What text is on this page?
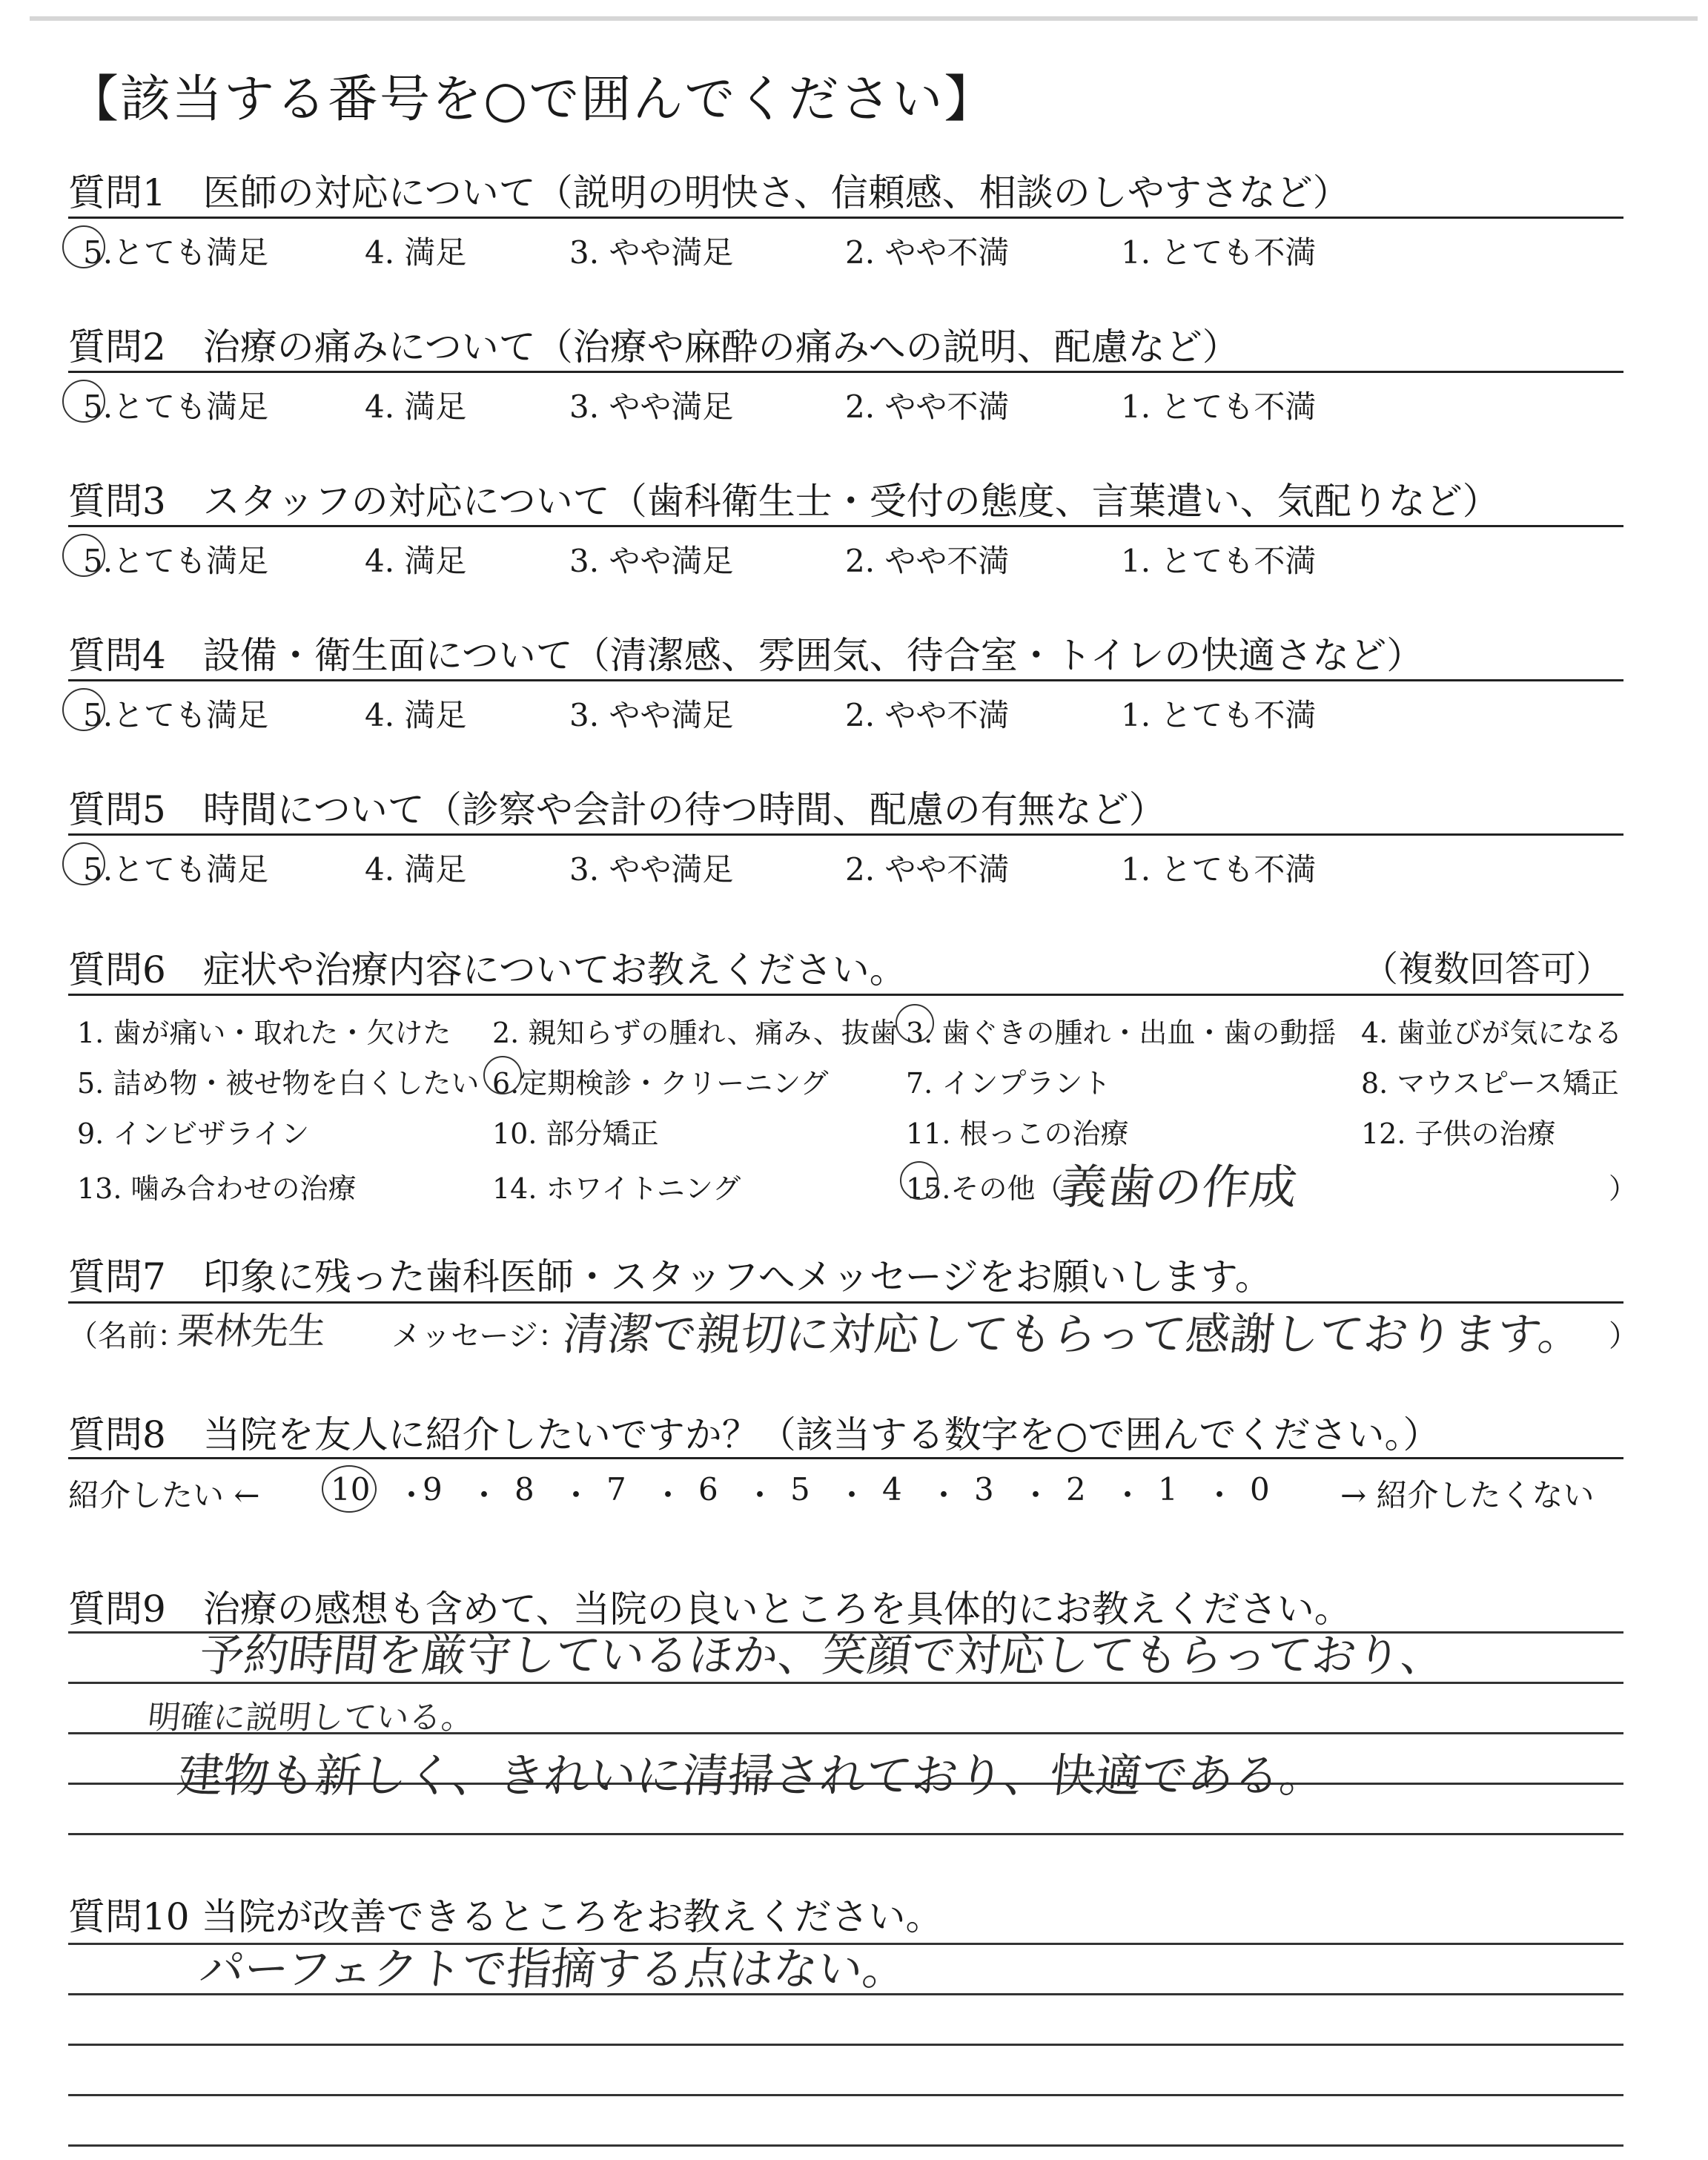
【該当する番号を○で囲んでください】
質問1　医師の対応について（説明の明快さ、信頼感、相談のしやすさなど）
5.とても満足	4. 満足	3. やや満足	2. やや不満	1. とても不満
質問2　治療の痛みについて（治療や麻酔の痛みへの説明、配慮など）
5.とても満足	4. 満足	3. やや満足	2. やや不満	1. とても不満
質問3　スタッフの対応について（歯科衛生士・受付の態度、言葉遣い、気配りなど）
5.とても満足	4. 満足	3. やや満足	2. やや不満	1. とても不満
質問4　設備・衛生面について（清潔感、雰囲気、待合室・トイレの快適さなど）
5.とても満足	4. 満足	3. やや満足	2. やや不満	1. とても不満
質問5　時間について（診察や会計の待つ時間、配慮の有無など）
5.とても満足	4. 満足	3. やや満足	2. やや不満	1. とても不満
質問6　症状や治療内容についてお教えください。	（複数回答可）
1. 歯が痛い・取れた・欠けた 2. 親知らずの腫れ、痛み、抜歯 3. 歯ぐきの腫れ・出血・歯の動揺 4. 歯並びが気になる
5. 詰め物・被せ物を白くしたい 6.定期検診・クリーニング	7. インプラント	8. マウスピース矯正
9. インビザライン	10. 部分矯正	11. 根っこの治療	12. 子供の治療
13. 噛み合わせの治療	14. ホワイトニング	15.その他（
義歯の作成	）
質問7　印象に残った歯科医師・スタッフへメッセージをお願いします。
（名前：
栗林先生 メッセージ：
清潔で親切に対応してもらって感謝しております。 ）
質問8　当院を友人に紹介したいですか？（該当する数字を○で囲んでください。）
紹介したい ← 10 ・
9 ・ 8 ・ 7 ・ 6 ・ 5 ・ 4 ・ 3 ・ 2 ・ 1 ・ 0 → 紹介したくない
質問9　治療の感想も含めて、当院の良いところを具体的にお教えください。
予約時間を厳守しているほか、笑顔で対応してもらっており、
明確に説明している。
建物も新しく、きれいに清掃されており、快適である。
質問10 当院が改善できるところをお教えください。
パーフェクトで指摘する点はない。
